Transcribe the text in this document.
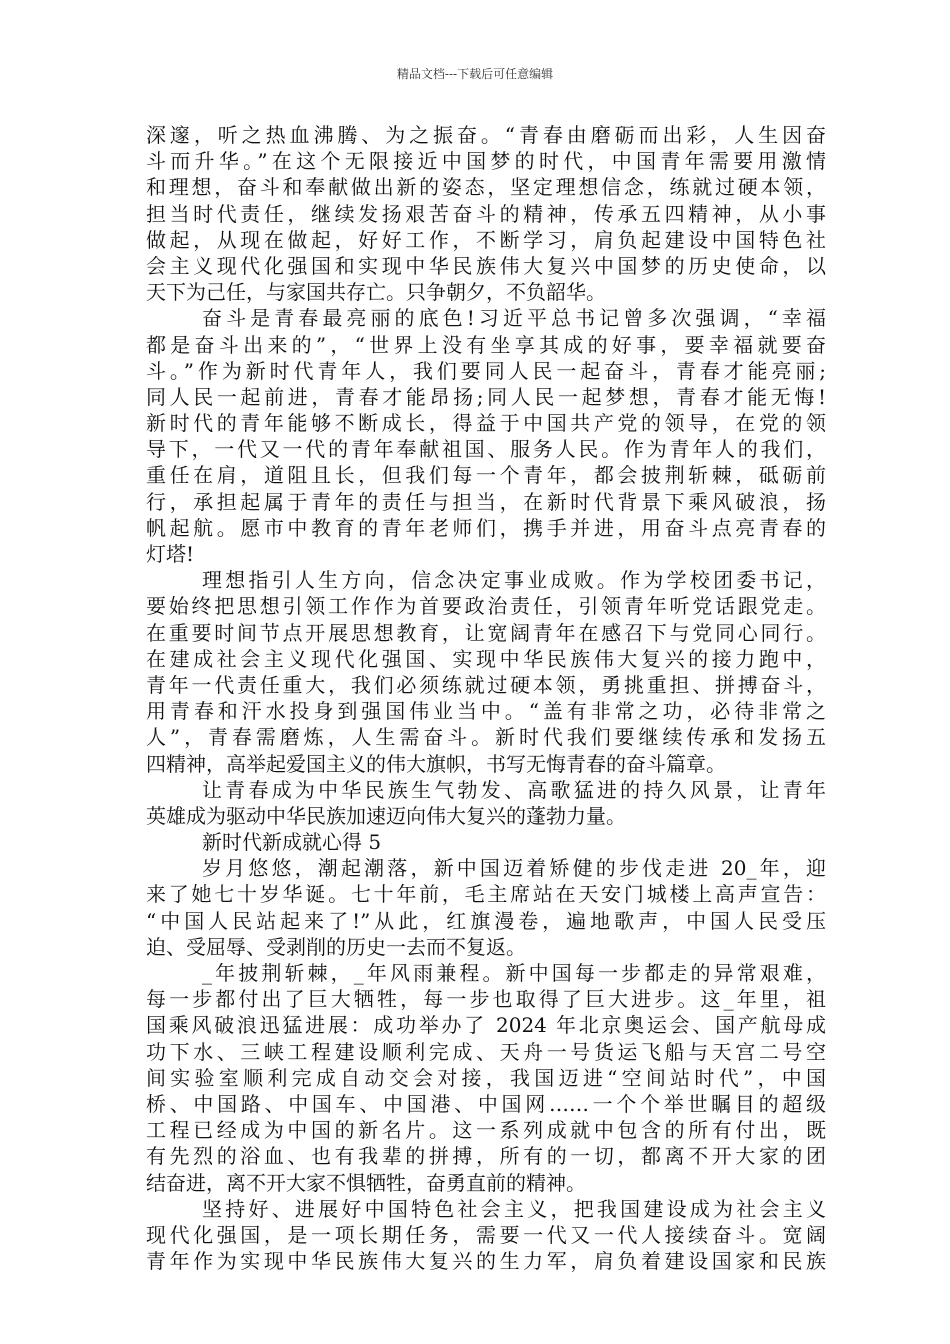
精品文档---下载后可任意编辑
深邃，听之热血沸腾、为之振奋。“青春由磨砺而出彩，人生因奋
斗而升华。”在这个无限接近中国梦的时代，中国青年需要用激情
和理想，奋斗和奉献做出新的姿态，坚定理想信念，练就过硬本领，
担当时代责任，继续发扬艰苦奋斗的精神，传承五四精神，从小事
做起，从现在做起，好好工作，不断学习，肩负起建设中国特色社
会主义现代化强国和实现中华民族伟大复兴中国梦的历史使命，以
天下为己任，与家国共存亡。只争朝夕，不负韶华。
奋斗是青春最亮丽的底色!习近平总书记曾多次强调，“幸福
都是奋斗出来的”，“世界上没有坐享其成的好事，要幸福就要奋
斗。”作为新时代青年人，我们要同人民一起奋斗，青春才能亮丽;
同人民一起前进，青春才能昂扬;同人民一起梦想，青春才能无悔!
新时代的青年能够不断成长，得益于中国共产党的领导，在党的领
导下，一代又一代的青年奉献祖国、服务人民。作为青年人的我们，
重任在肩，道阻且长，但我们每一个青年，都会披荆斩棘，砥砺前
行，承担起属于青年的责任与担当，在新时代背景下乘风破浪，扬
帆起航。愿市中教育的青年老师们，携手并进，用奋斗点亮青春的
灯塔!
理想指引人生方向，信念决定事业成败。作为学校团委书记，
要始终把思想引领工作作为首要政治责任，引领青年听党话跟党走。
在重要时间节点开展思想教育，让宽阔青年在感召下与党同心同行。
在建成社会主义现代化强国、实现中华民族伟大复兴的接力跑中，
青年一代责任重大，我们必须练就过硬本领，勇挑重担、拼搏奋斗，
用青春和汗水投身到强国伟业当中。“盖有非常之功，必待非常之
人”，青春需磨炼，人生需奋斗。新时代我们要继续传承和发扬五
四精神，高举起爱国主义的伟大旗帜，书写无悔青春的奋斗篇章。
让青春成为中华民族生气勃发、高歌猛进的持久风景，让青年
英雄成为驱动中华民族加速迈向伟大复兴的蓬勃力量。
新时代新成就心得 5
岁月悠悠，潮起潮落，新中国迈着矫健的步伐走进 20_年，迎
来了她七十岁华诞。七十年前，毛主席站在天安门城楼上高声宣告：
“中国人民站起来了!”从此，红旗漫卷，遍地歌声，中国人民受压
迫、受屈辱、受剥削的历史一去而不复返。
_年披荆斩棘，_年风雨兼程。新中国每一步都走的异常艰难，
每一步都付出了巨大牺牲，每一步也取得了巨大进步。这_年里，祖
国乘风破浪迅猛进展：成功举办了 2024 年北京奥运会、国产航母成
功下水、三峡工程建设顺利完成、天舟一号货运飞船与天宫二号空
间实验室顺利完成自动交会对接，我国迈进“空间站时代”，中国
桥、中国路、中国车、中国港、中国网……一个个举世瞩目的超级
工程已经成为中国的新名片。这一系列成就中包含的所有付出，既
有先烈的浴血、也有我辈的拼搏，所有的一切，都离不开大家的团
结奋进，离不开大家不惧牺牲，奋勇直前的精神。
坚持好、进展好中国特色社会主义，把我国建设成为社会主义
现代化强国，是一项长期任务，需要一代又一代人接续奋斗。宽阔
青年作为实现中华民族伟大复兴的生力军，肩负着建设国家和民族
